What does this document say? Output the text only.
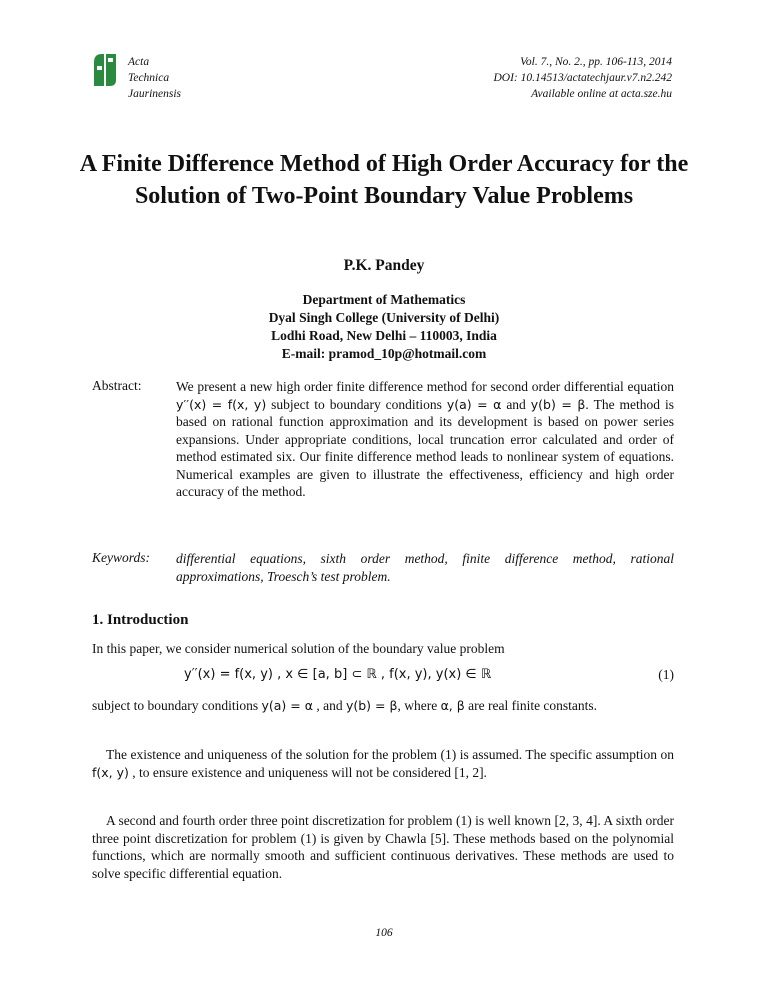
Acta
Technica
Jaurinensis
Vol. 7., No. 2., pp. 106-113, 2014
DOI: 10.14513/actatechjaur.v7.n2.242
Available online at acta.sze.hu
A Finite Difference Method of High Order Accuracy for the Solution of Two-Point Boundary Value Problems
P.K. Pandey
Department of Mathematics
Dyal Singh College (University of Delhi)
Lodhi Road, New Delhi – 110003, India
E-mail: pramod_10p@hotmail.com
Abstract:	We present a new high order finite difference method for second order differential equation y′′(x) = f(x, y) subject to boundary conditions y(a) = α and y(b) = β. The method is based on rational function approximation and its development is based on power series expansions. Under appropriate conditions, local truncation error calculated and order of method estimated six. Our finite difference method leads to nonlinear system of equations. Numerical examples are given to illustrate the effectiveness, efficiency and high order accuracy of the method.
Keywords: differential equations, sixth order method, finite difference method, rational approximations, Troesch’s test problem.
1. Introduction
In this paper, we consider numerical solution of the boundary value problem
y′′(x) = f(x, y) , x ∈ [a, b] ⊂ ℝ , f(x, y), y(x) ∈ ℝ	(1)
subject to boundary conditions y(a) = α , and y(b) = β, where α, β are real finite constants.
The existence and uniqueness of the solution for the problem (1) is assumed. The specific assumption on f(x, y) , to ensure existence and uniqueness will not be considered [1, 2].
A second and fourth order three point discretization for problem (1) is well known [2, 3, 4]. A sixth order three point discretization for problem (1) is given by Chawla [5]. These methods based on the polynomial functions, which are normally smooth and sufficient continuous derivatives. These methods are used to solve specific differential equation.
106
